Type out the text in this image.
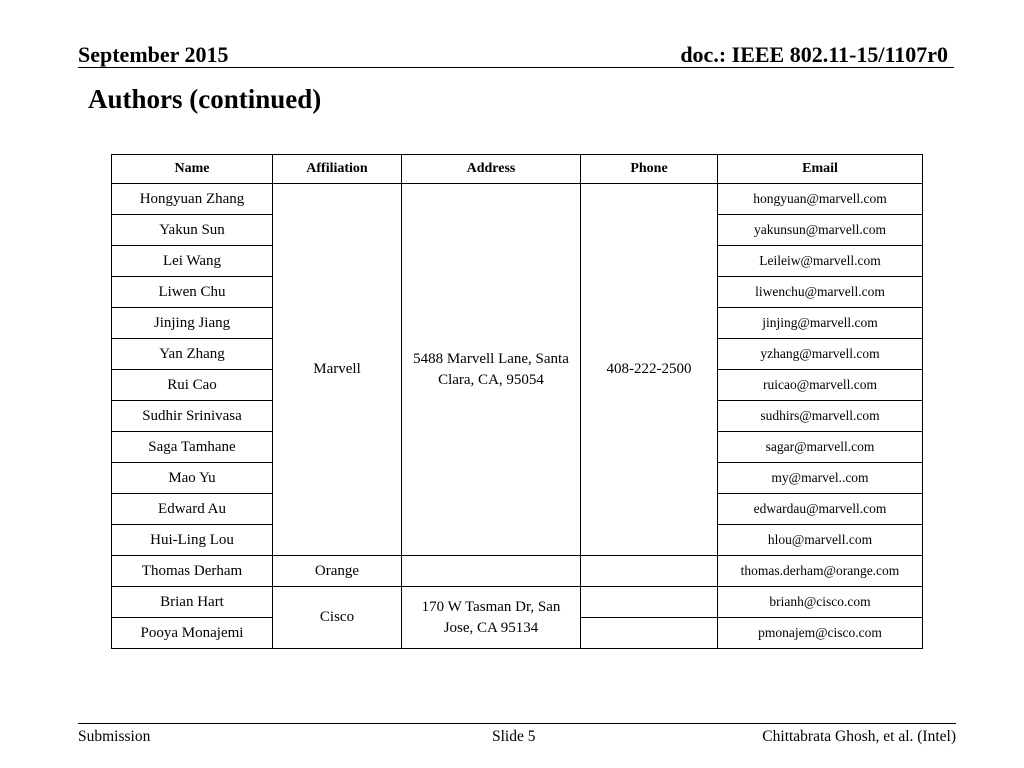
September 2015	doc.: IEEE 802.11-15/1107r0
Authors (continued)
Name	Affiliation	Address	Phone	Email
Hongyuan Zhang	Marvell	5488 Marvell Lane, Santa Clara, CA, 95054	408-222-2500	hongyuan@marvell.com
Yakun Sun				yakunsun@marvell.com
Lei Wang				Leileiw@marvell.com
Liwen Chu				liwenchu@marvell.com
Jinjing Jiang				jinjing@marvell.com
Yan Zhang				yzhang@marvell.com
Rui Cao				ruicao@marvell.com
Sudhir Srinivasa				sudhirs@marvell.com
Saga Tamhane				sagar@marvell.com
Mao Yu				my@marvel..com
Edward Au				edwardau@marvell.com
Hui-Ling Lou				hlou@marvell.com
Thomas Derham	Orange			thomas.derham@orange.com
Brian Hart	Cisco	170 W Tasman Dr, San Jose, CA 95134		brianh@cisco.com
Pooya Monajemi				pmonajem@cisco.com
Submission	Slide 5	Chittabrata Ghosh, et al. (Intel)
